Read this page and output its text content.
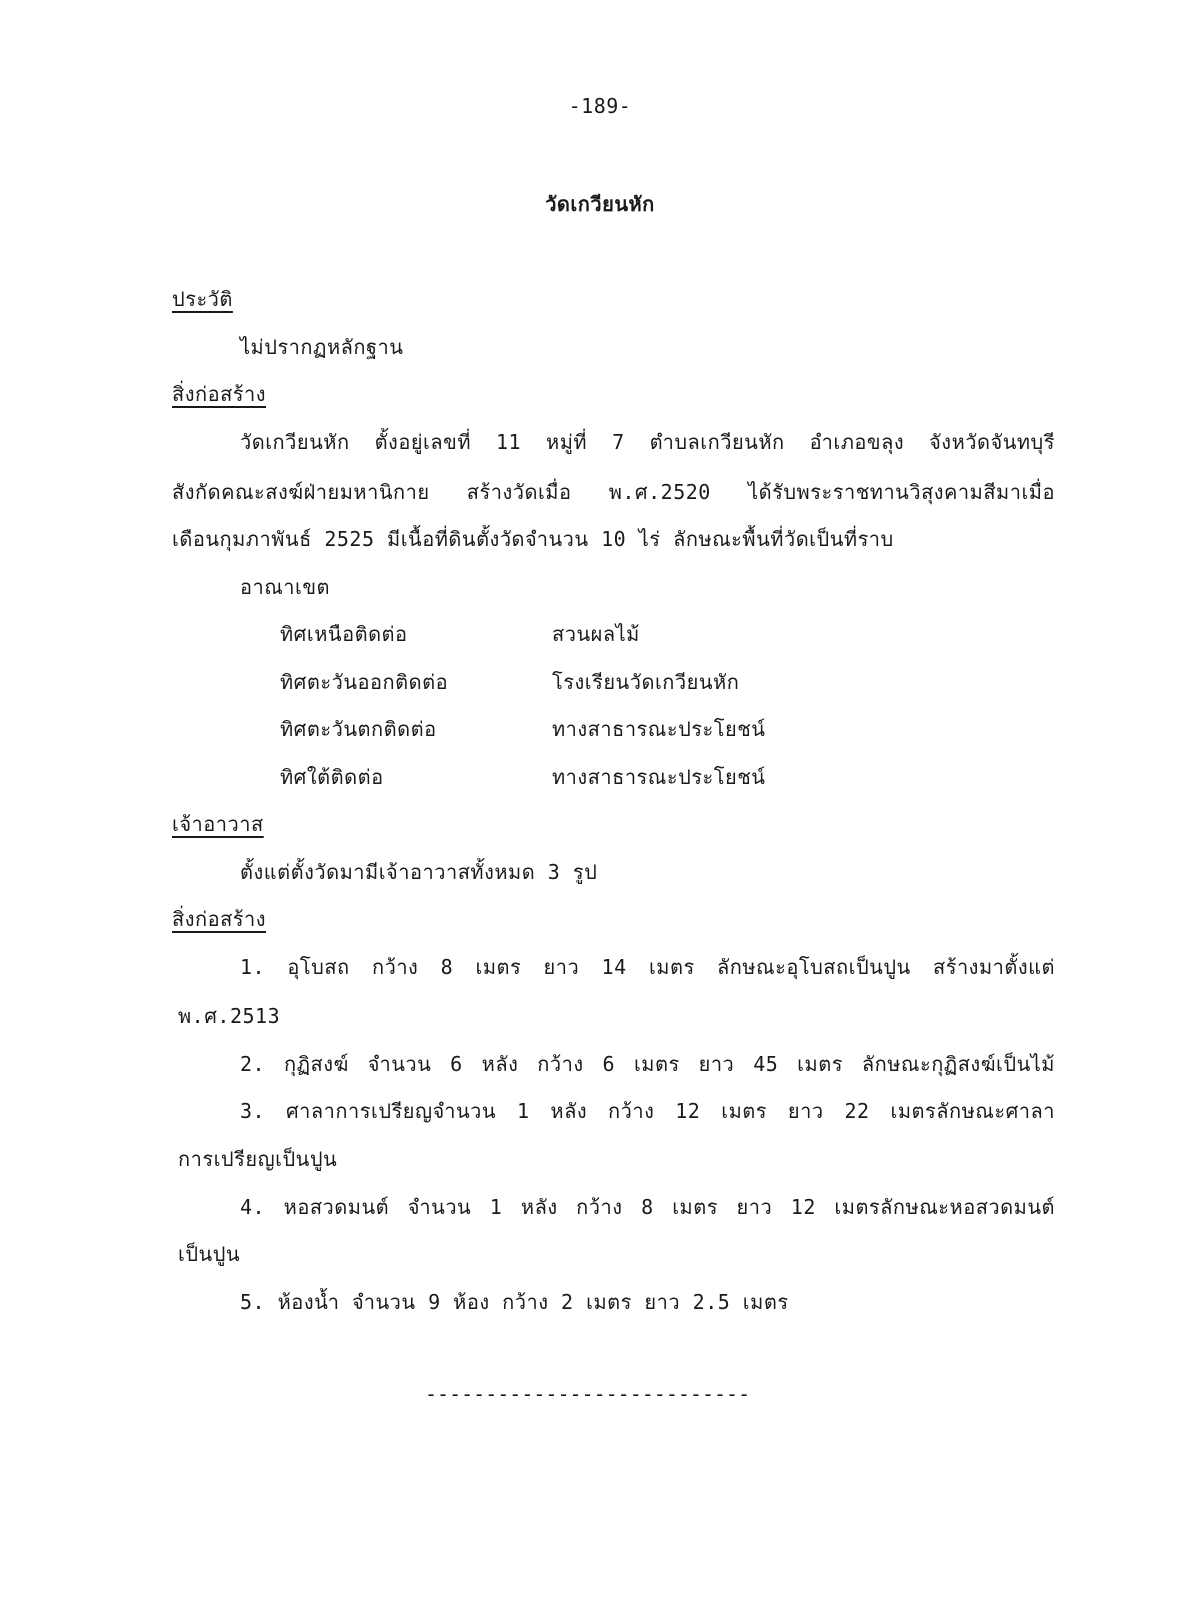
-189-
วัดเกวียนหัก
ประวัติ
ไม่ปรากฏหลักฐาน
สิ่งก่อสร้าง
วัดเกวียนหัก ตั้งอยู่เลขที่ 11 หมู่ที่ 7 ตำบลเกวียนหัก อำเภอขลุง จังหวัดจันทบุรี
สังกัดคณะสงฆ์ฝ่ายมหานิกาย สร้างวัดเมื่อ พ.ศ.2520 ได้รับพระราชทานวิสุงคามสีมาเมื่อ
เดือนกุมภาพันธ์ 2525 มีเนื้อที่ดินตั้งวัดจำนวน 10 ไร่ ลักษณะพื้นที่วัดเป็นที่ราบ
อาณาเขต
ทิศเหนือติดต่อ	สวนผลไม้
ทิศตะวันออกติดต่อ	โรงเรียนวัดเกวียนหัก
ทิศตะวันตกติดต่อ	ทางสาธารณะประโยชน์
ทิศใต้ติดต่อ	ทางสาธารณะประโยชน์
เจ้าอาวาส
ตั้งแต่ตั้งวัดมามีเจ้าอาวาสทั้งหมด 3 รูป
สิ่งก่อสร้าง
1. อุโบสถ กว้าง 8 เมตร ยาว 14 เมตร ลักษณะอุโบสถเป็นปูน สร้างมาตั้งแต่
พ.ศ.2513
2. กุฏิสงฆ์ จำนวน 6 หลัง กว้าง 6 เมตร ยาว 45 เมตร ลักษณะกุฏิสงฆ์เป็นไม้
3. ศาลาการเปรียญจำนวน 1 หลัง กว้าง 12 เมตร ยาว 22 เมตรลักษณะศาลา
การเปรียญเป็นปูน
4. หอสวดมนต์ จำนวน 1 หลัง กว้าง 8 เมตร ยาว 12 เมตรลักษณะหอสวดมนต์
เป็นปูน
5. ห้องน้ำ จำนวน 9 ห้อง กว้าง 2 เมตร ยาว 2.5 เมตร
---------------------------
